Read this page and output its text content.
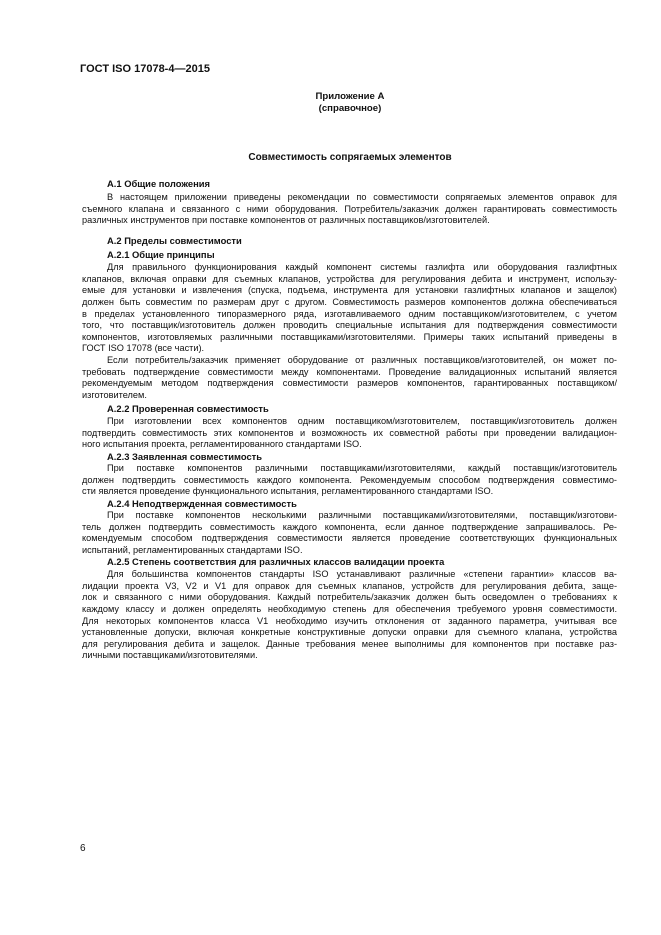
ГОСТ ISO 17078-4—2015
Приложение А
(справочное)
Совместимость сопрягаемых элементов
А.1 Общие положения
В настоящем приложении приведены рекомендации по совместимости сопрягаемых элементов оправок для
съемного клапана и связанного с ними оборудования. Потребитель/заказчик должен гарантировать совместимость
различных инструментов при поставке компонентов от различных поставщиков/изготовителей.
А.2 Пределы совместимости
А.2.1 Общие принципы
Для правильного функционирования каждый компонент системы газлифта или оборудования газлифтных
клапанов, включая оправки для съемных клапанов, устройства для регулирования дебита и инструмент, использу-
емые для установки и извлечения (спуска, подъема, инструмента для установки газлифтных клапанов и защелок)
должен быть совместим по размерам друг с другом. Совместимость размеров компонентов должна обеспечиваться
в пределах установленного типоразмерного ряда, изготавливаемого одним поставщиком/изготовителем, с учетом
того, что поставщик/изготовитель должен проводить специальные испытания для подтверждения совместимости
компонентов, изготовляемых различными поставщиками/изготовителями. Примеры таких испытаний приведены в
ГОСТ ISO 17078 (все части).
Если потребитель/заказчик применяет оборудование от различных поставщиков/изготовителей, он может по-
требовать подтверждение совместимости между компонентами. Проведение валидационных испытаний является
рекомендуемым методом подтверждения совместимости размеров компонентов, гарантированных поставщиком/
изготовителем.
А.2.2 Проверенная совместимость
При изготовлении всех компонентов одним поставщиком/изготовителем, поставщик/изготовитель должен
подтвердить совместимость этих компонентов и возможность их совместной работы при проведении валидацион-
ного испытания проекта, регламентированного стандартами ISO.
А.2.3 Заявленная совместимость
При поставке компонентов различными поставщиками/изготовителями, каждый поставщик/изготовитель
должен подтвердить совместимость каждого компонента. Рекомендуемым способом подтверждения совместимо-
сти является проведение функционального испытания, регламентированного стандартами ISO.
А.2.4 Неподтвержденная совместимость
При поставке компонентов несколькими различными поставщиками/изготовителями, поставщик/изготови-
тель должен подтвердить совместимость каждого компонента, если данное подтверждение запрашивалось. Ре-
комендуемым способом подтверждения совместимости является проведение соответствующих функциональных
испытаний, регламентированных стандартами ISO.
А.2.5 Степень соответствия для различных классов валидации проекта
Для большинства компонентов стандарты ISO устанавливают различные «степени гарантии» классов ва-
лидации проекта V3, V2 и V1 для оправок для съемных клапанов, устройств для регулирования дебита, защe-
лок и связанного с ними оборудования. Каждый потребитель/заказчик должен быть осведомлен о требованиях к
каждому классу и должен определять необходимую степень для обеспечения требуемого уровня совместимости.
Для некоторых компонентов класса V1 необходимо изучить отклонения от заданного параметра, учитывая все
установленные допуски, включая конкретные конструктивные допуски оправки для съемного клапана, устройства
для регулирования дебита и защелок. Данные требования менее выполнимы для компонентов при поставке раз-
личными поставщиками/изготовителями.
6
